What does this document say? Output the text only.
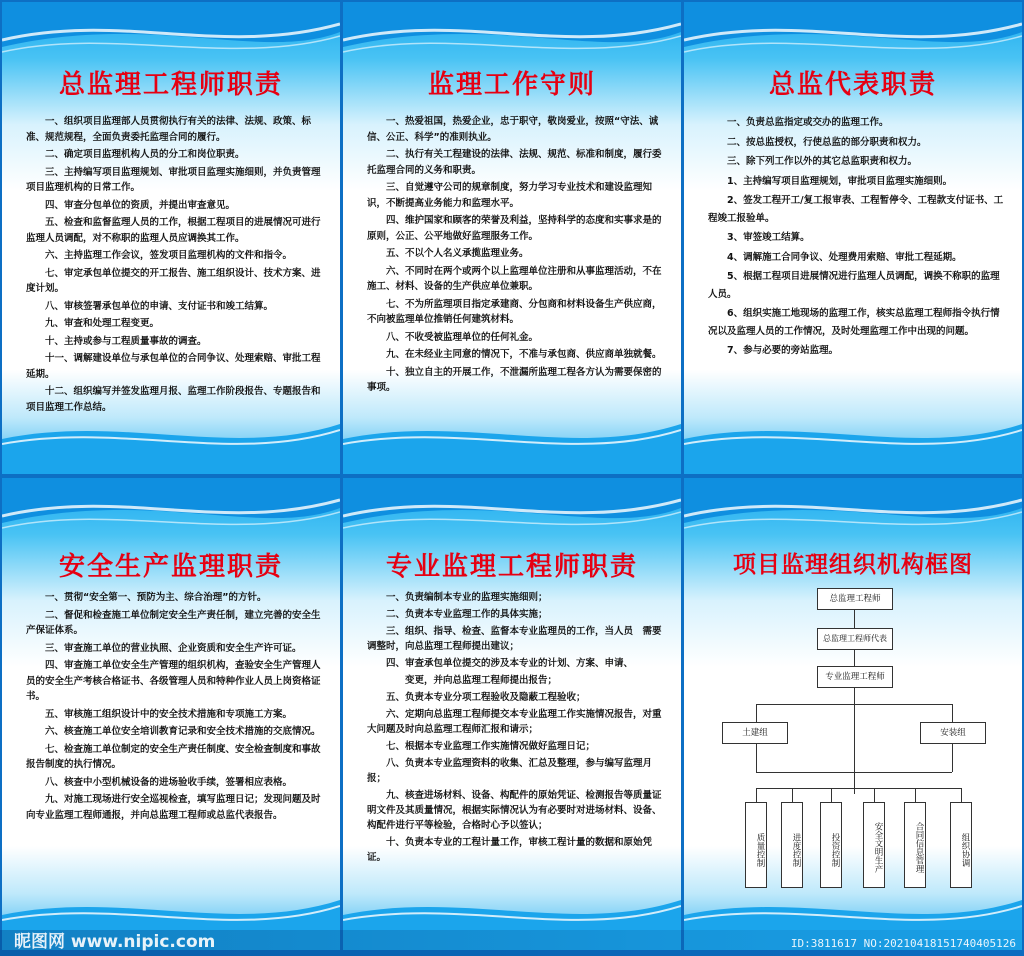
总监理工程师职责

一、组织项目监理部人员贯彻执行有关的法律、法规、政策、标准、规范规程，全面负责委托监理合同的履行。

二、确定项目监理机构人员的分工和岗位职责。

三、主持编写项目监理规划、审批项目监理实施细则，并负责管理项目监理机构的日常工作。

四、审查分包单位的资质，并提出审查意见。

五、检查和监督监理人员的工作，根据工程项目的进展情况可进行监理人员调配，对不称职的监理人员应调换其工作。

六、主持监理工作会议，签发项目监理机构的文件和指令。

七、审定承包单位提交的开工报告、施工组织设计、技术方案、进度计划。

八、审核签署承包单位的申请、支付证书和竣工结算。

九、审查和处理工程变更。

十、主持或参与工程质量事故的调查。

十一、调解建设单位与承包单位的合同争议、处理索赔、审批工程延期。

十二、组织编写并签发监理月报、监理工作阶段报告、专题报告和项目监理工作总结。

监理工作守则

一、热爱祖国，热爱企业，忠于职守，敬岗爱业，按照“守法、诚信、公正、科学”的准则执业。

二、执行有关工程建设的法律、法规、规范、标准和制度，履行委托监理合同的义务和职责。

三、自觉遵守公司的规章制度，努力学习专业技术和建设监理知识，不断提高业务能力和监理水平。

四、维护国家和顾客的荣誉及利益，坚持科学的态度和实事求是的原则，公正、公平地做好监理服务工作。

五、不以个人名义承揽监理业务。

六、不同时在两个或两个以上监理单位注册和从事监理活动，不在施工、材料、设备的生产供应单位兼职。

七、不为所监理项目指定承建商、分包商和材料设备生产供应商，不向被监理单位推销任何建筑材料。

八、不收受被监理单位的任何礼金。

九、在未经业主同意的情况下，不准与承包商、供应商单独就餐。

十、独立自主的开展工作，不泄漏所监理工程各方认为需要保密的事项。

总监代表职责

一、负责总监指定或交办的监理工作。

二、按总监授权，行使总监的部分职责和权力。

三、除下列工作以外的其它总监职责和权力。

1、主持编写项目监理规划，审批项目监理实施细则。

2、签发工程开工/复工报审表、工程暂停令、工程款支付证书、工程竣工报验单。

3、审签竣工结算。

4、调解施工合同争议、处理费用索赔、审批工程延期。

5、根据工程项目进展情况进行监理人员调配，调换不称职的监理人员。

6、组织实施工地现场的监理工作，核实总监理工程师指令执行情况以及监理人员的工作情况，及时处理监理工作中出现的问题。

7、参与必要的旁站监理。

安全生产监理职责

一、贯彻“安全第一、预防为主、综合治理”的方针。

二、督促和检查施工单位制定安全生产责任制，建立完善的安全生产保证体系。

三、审查施工单位的营业执照、企业资质和安全生产许可证。

四、审查施工单位安全生产管理的组织机构，查验安全生产管理人员的安全生产考核合格证书、各级管理人员和特种作业人员上岗资格证书。

五、审核施工组织设计中的安全技术措施和专项施工方案。

六、核查施工单位安全培训教育记录和安全技术措施的交底情况。

七、检查施工单位制定的安全生产责任制度、安全检查制度和事故报告制度的执行情况。

八、核查中小型机械设备的进场验收手续，签署相应表格。

九、对施工现场进行安全巡视检查，填写监理日记；发现问题及时向专业监理工程师通报，并向总监理工程师或总监代表报告。

专业监理工程师职责

一、负责编制本专业的监理实施细则；

二、负责本专业监理工作的具体实施；

三、组织、指导、检查、监督本专业监理员的工作，当人员　需要调整时，向总监理工程师提出建议；

四、审查承包单位提交的涉及本专业的计划、方案、申请、

　　变更，并向总监理工程师提出报告；

五、负责本专业分项工程验收及隐蔽工程验收；

六、定期向总监理工程师提交本专业监理工作实施情况报告，对重大问题及时向总监理工程师汇报和请示；

七、根据本专业监理工作实施情况做好监理日记；

八、负责本专业监理资料的收集、汇总及整理，参与编写监理月报；

九、核查进场材料、设备、构配件的原始凭证、检测报告等质量证明文件及其质量情况，根据实际情况认为有必要时对进场材料、设备、构配件进行平等检验，合格时心予以签认；

十、负责本专业的工程计量工作，审核工程计量的数据和原始凭证。

项目监理组织机构框图
总监理工程师
总监理工程师代表
专业监理工程师
土建组	安装组
质量控制	进度控制	投资控制	安全文明生产	合同信息管理	组织协调
昵图网 www.nipic.com	ID:3811617 NO:20210418151740405126
